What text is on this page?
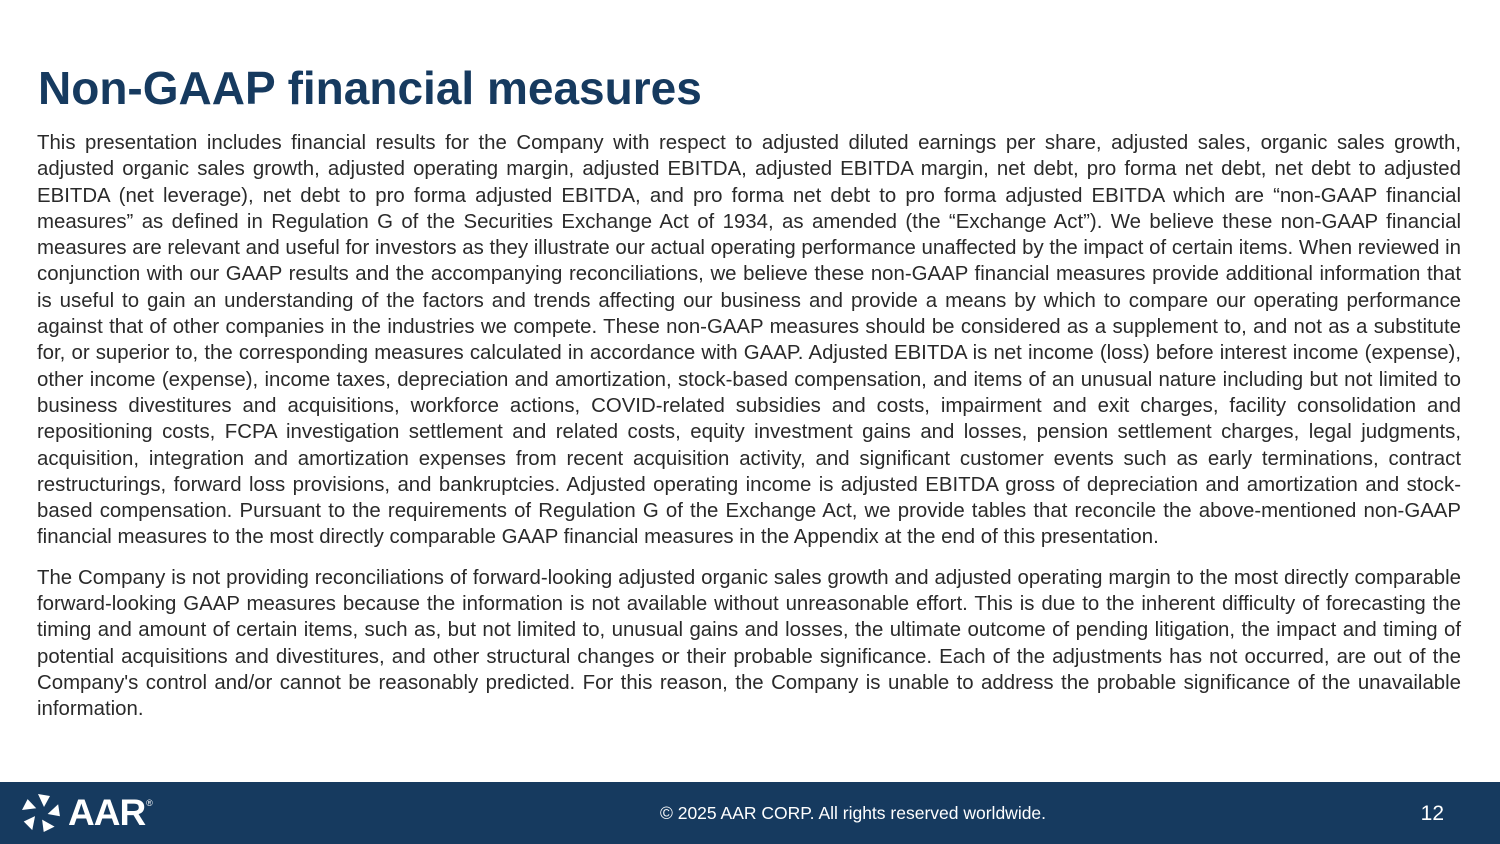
Non-GAAP financial measures

This presentation includes financial results for the Company with respect to adjusted diluted earnings per share, adjusted sales, organic sales growth, adjusted organic sales growth, adjusted operating margin, adjusted EBITDA, adjusted EBITDA margin, net debt, pro forma net debt, net debt to adjusted EBITDA (net leverage), net debt to pro forma adjusted EBITDA, and pro forma net debt to pro forma adjusted EBITDA which are “non-GAAP financial measures” as defined in Regulation G of the Securities Exchange Act of 1934, as amended (the “Exchange Act”). We believe these non-GAAP financial measures are relevant and useful for investors as they illustrate our actual operating performance unaffected by the impact of certain items. When reviewed in conjunction with our GAAP results and the accompanying reconciliations, we believe these non-GAAP financial measures provide additional information that is useful to gain an understanding of the factors and trends affecting our business and provide a means by which to compare our operating performance against that of other companies in the industries we compete. These non-GAAP measures should be considered as a supplement to, and not as a substitute for, or superior to, the corresponding measures calculated in accordance with GAAP. Adjusted EBITDA is net income (loss) before interest income (expense), other income (expense), income taxes, depreciation and amortization, stock-based compensation, and items of an unusual nature including but not limited to business divestitures and acquisitions, workforce actions, COVID-related subsidies and costs, impairment and exit charges, facility consolidation and repositioning costs, FCPA investigation settlement and related costs, equity investment gains and losses, pension settlement charges, legal judgments, acquisition, integration and amortization expenses from recent acquisition activity, and significant customer events such as early terminations, contract restructurings, forward loss provisions, and bankruptcies. Adjusted operating income is adjusted EBITDA gross of depreciation and amortization and stock-based compensation. Pursuant to the requirements of Regulation G of the Exchange Act, we provide tables that reconcile the above-mentioned non-GAAP financial measures to the most directly comparable GAAP financial measures in the Appendix at the end of this presentation.

The Company is not providing reconciliations of forward-looking adjusted organic sales growth and adjusted operating margin to the most directly comparable forward-looking GAAP measures because the information is not available without unreasonable effort. This is due to the inherent difficulty of forecasting the timing and amount of certain items, such as, but not limited to, unusual gains and losses, the ultimate outcome of pending litigation, the impact and timing of potential acquisitions and divestitures, and other structural changes or their probable significance. Each of the adjustments has not occurred, are out of the Company's control and/or cannot be reasonably predicted. For this reason, the Company is unable to address the probable significance of the unavailable information.

AAR ®	© 2025 AAR CORP. All rights reserved worldwide.	12
